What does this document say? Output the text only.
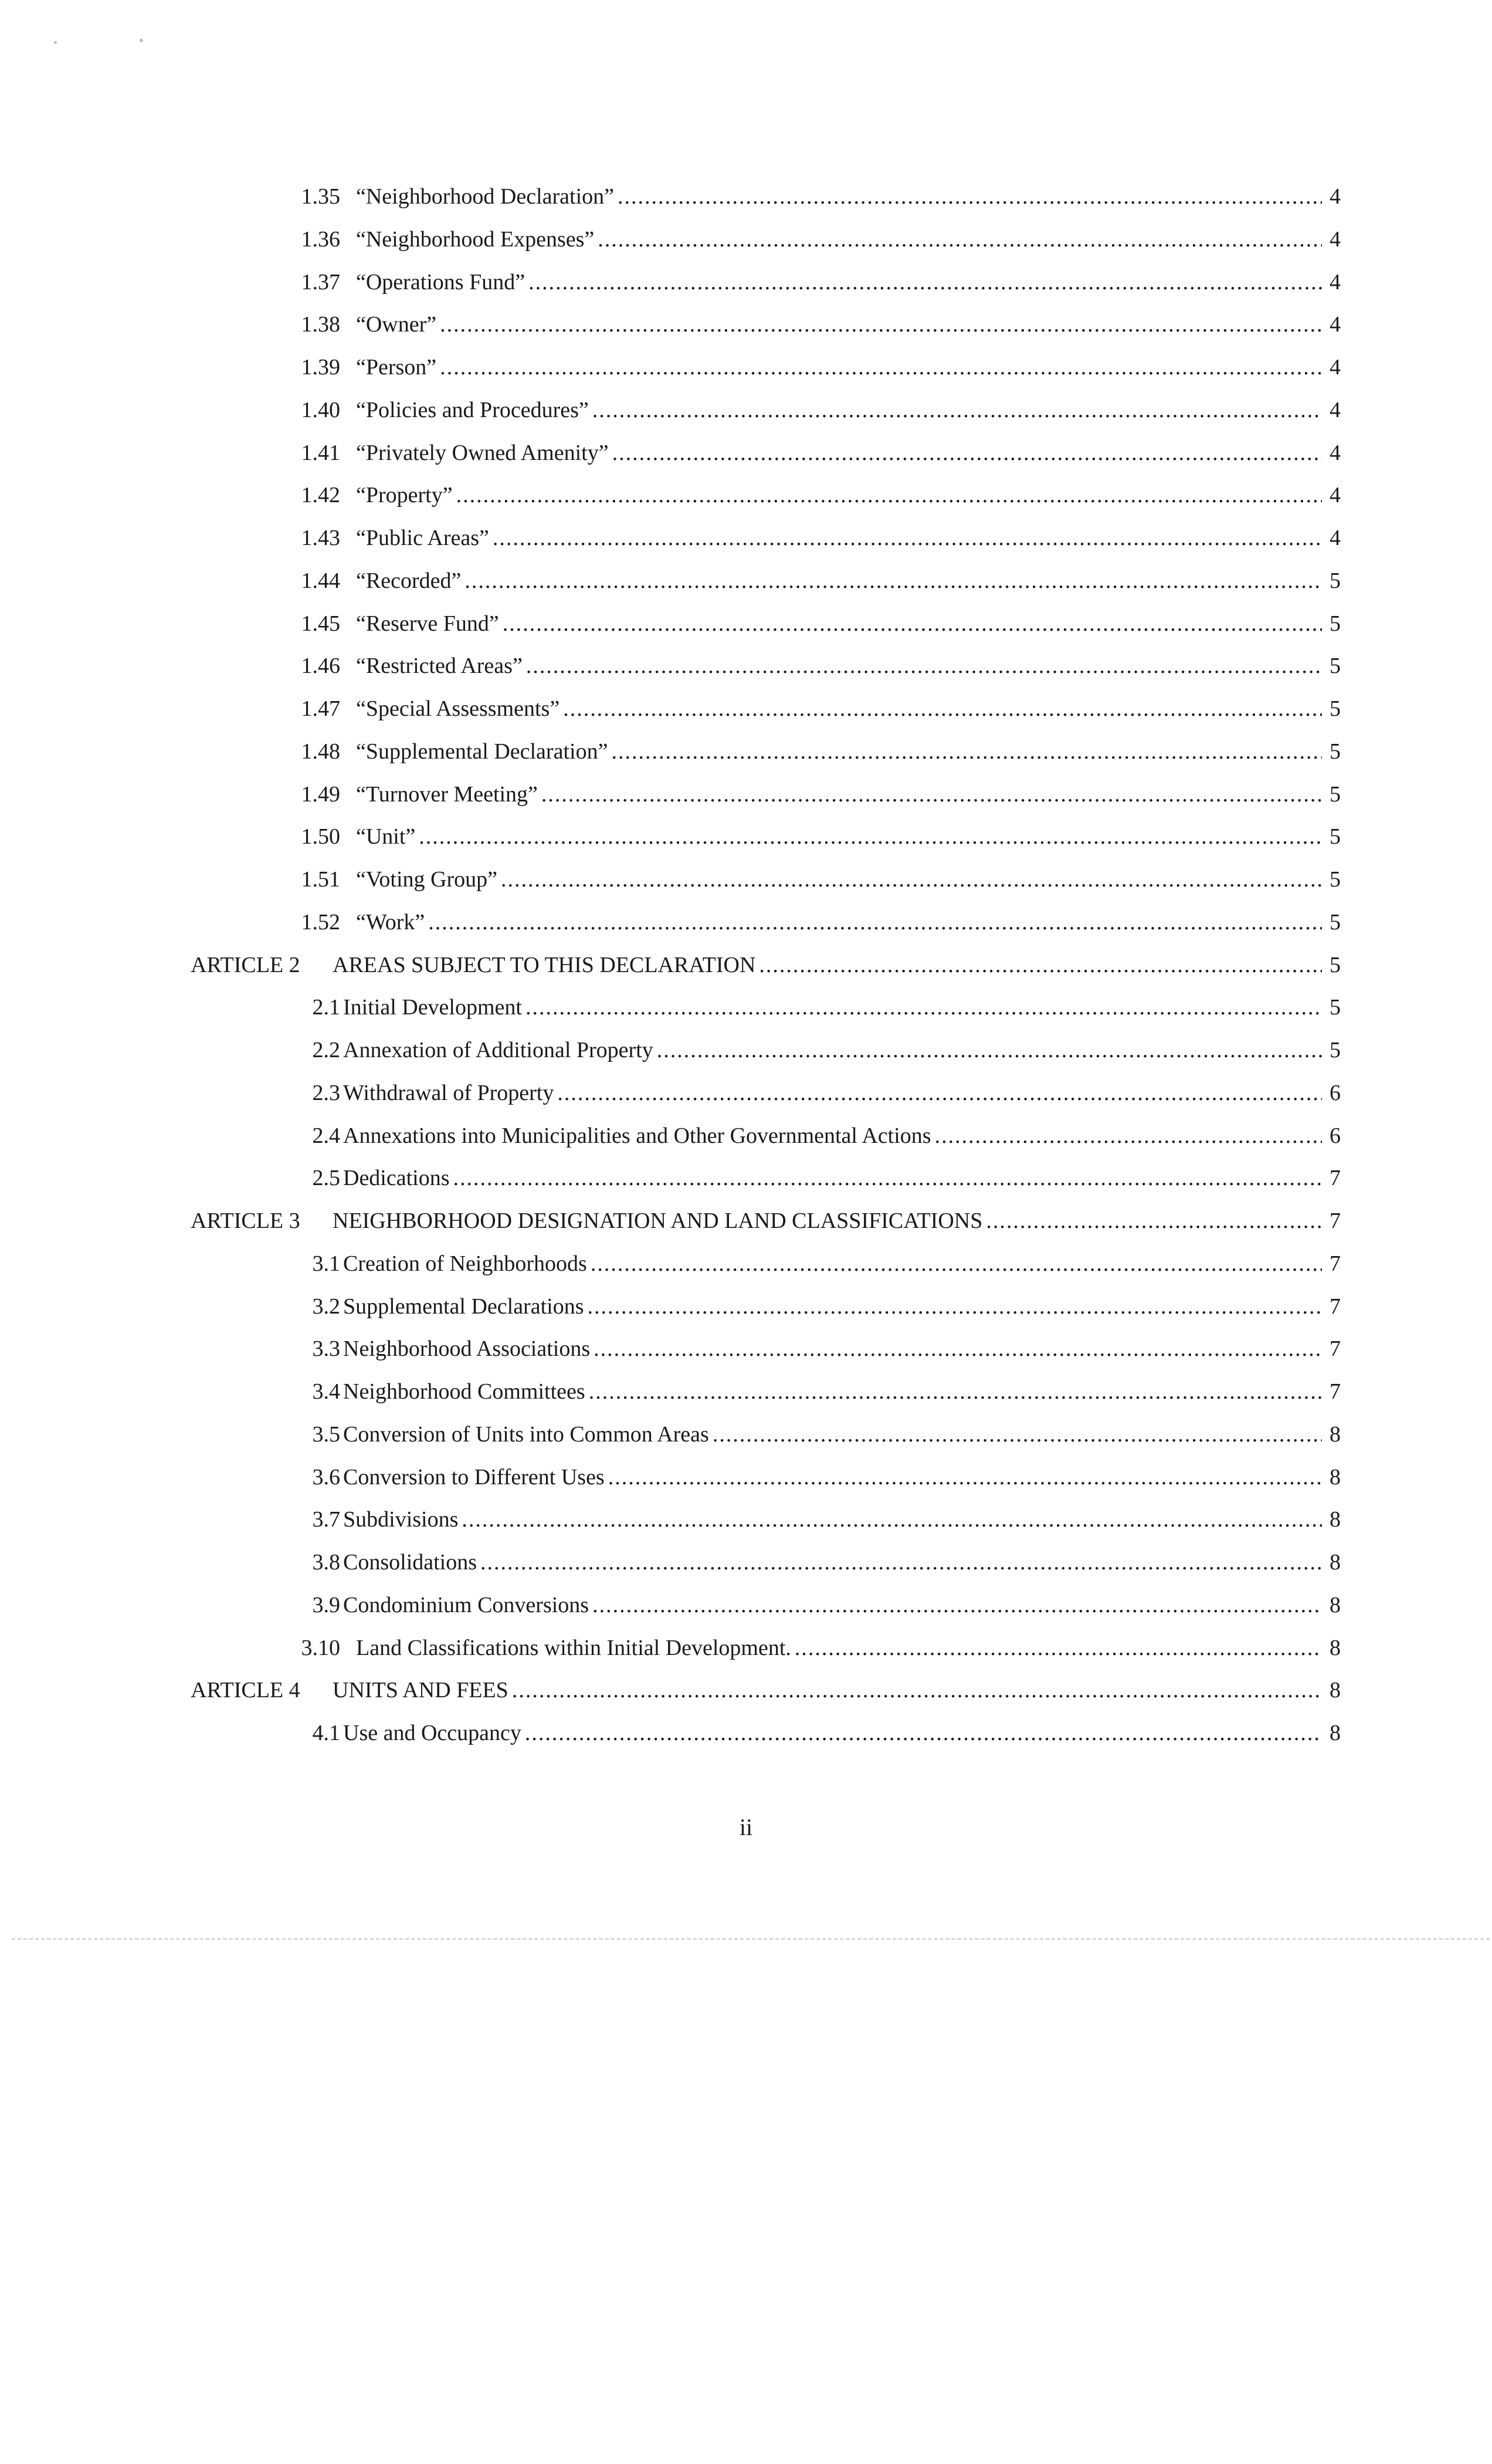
1.35 “Neighborhood Declaration” .....	4
1.36 “Neighborhood Expenses” .....	4
1.37 “Operations Fund” .....	4
1.38 “Owner” .....	4
1.39 “Person” .....	4
1.40 “Policies and Procedures” .....	4
1.41 “Privately Owned Amenity” .....	4
1.42 “Property” .....	4
1.43 “Public Areas” .....	4
1.44 “Recorded” .....	5
1.45 “Reserve Fund” .....	5
1.46 “Restricted Areas” .....	5
1.47 “Special Assessments” .....	5
1.48 “Supplemental Declaration” .....	5
1.49 “Turnover Meeting” .....	5
1.50 “Unit” .....	5
1.51 “Voting Group” .....	5
1.52 “Work” .....	5
ARTICLE 2 AREAS SUBJECT TO THIS DECLARATION .....	5
2.1 Initial Development .....	5
2.2 Annexation of Additional Property .....	5
2.3 Withdrawal of Property .....	6
2.4 Annexations into Municipalities and Other Governmental Actions .....	6
2.5 Dedications .....	7
ARTICLE 3 NEIGHBORHOOD DESIGNATION AND LAND CLASSIFICATIONS .....	7
3.1 Creation of Neighborhoods .....	7
3.2 Supplemental Declarations .....	7
3.3 Neighborhood Associations .....	7
3.4 Neighborhood Committees .....	7
3.5 Conversion of Units into Common Areas .....	8
3.6 Conversion to Different Uses .....	8
3.7 Subdivisions .....	8
3.8 Consolidations .....	8
3.9 Condominium Conversions .....	8
3.10 Land Classifications within Initial Development. .....	8
ARTICLE 4 UNITS AND FEES .....	8
4.1 Use and Occupancy .....	8
ii
